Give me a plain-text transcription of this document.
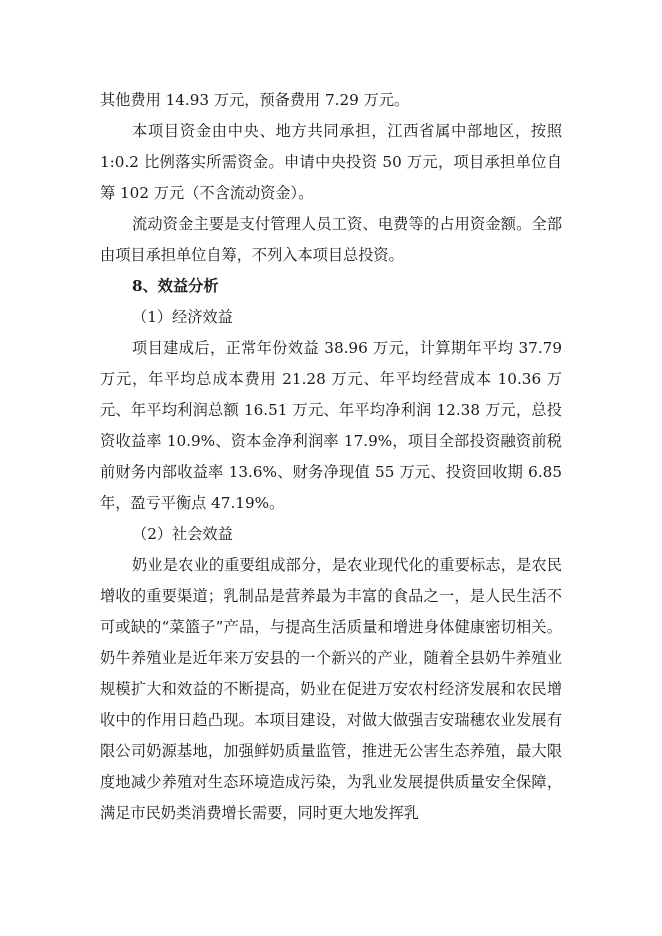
其他费用 14.93 万元，预备费用 7.29 万元。

本项目资金由中央、地方共同承担，江西省属中部地区，按照 1:0.2 比例落实所需资金。申请中央投资 50 万元，项目承担单位自筹 102 万元（不含流动资金）。

流动资金主要是支付管理人员工资、电费等的占用资金额。全部由项目承担单位自筹，不列入本项目总投资。

8、效益分析

（1）经济效益

项目建成后，正常年份效益 38.96 万元，计算期年平均 37.79 万元，年平均总成本费用 21.28 万元、年平均经营成本 10.36 万元、年平均利润总额 16.51 万元、年平均净利润 12.38 万元，总投资收益率 10.9%、资本金净利润率 17.9%，项目全部投资融资前税前财务内部收益率 13.6%、财务净现值 55 万元、投资回收期 6.85 年，盈亏平衡点 47.19%。

（2）社会效益

奶业是农业的重要组成部分，是农业现代化的重要标志，是农民增收的重要渠道；乳制品是营养最为丰富的食品之一，是人民生活不可或缺的“菜篮子”产品，与提高生活质量和增进身体健康密切相关。奶牛养殖业是近年来万安县的一个新兴的产业，随着全县奶牛养殖业规模扩大和效益的不断提高，奶业在促进万安农村经济发展和农民增收中的作用日趋凸现。本项目建设，对做大做强吉安瑞穗农业发展有限公司奶源基地，加强鲜奶质量监管，推进无公害生态养殖，最大限度地减少养殖对生态环境造成污染，为乳业发展提供质量安全保障，满足市民奶类消费增长需要，同时更大地发挥乳
